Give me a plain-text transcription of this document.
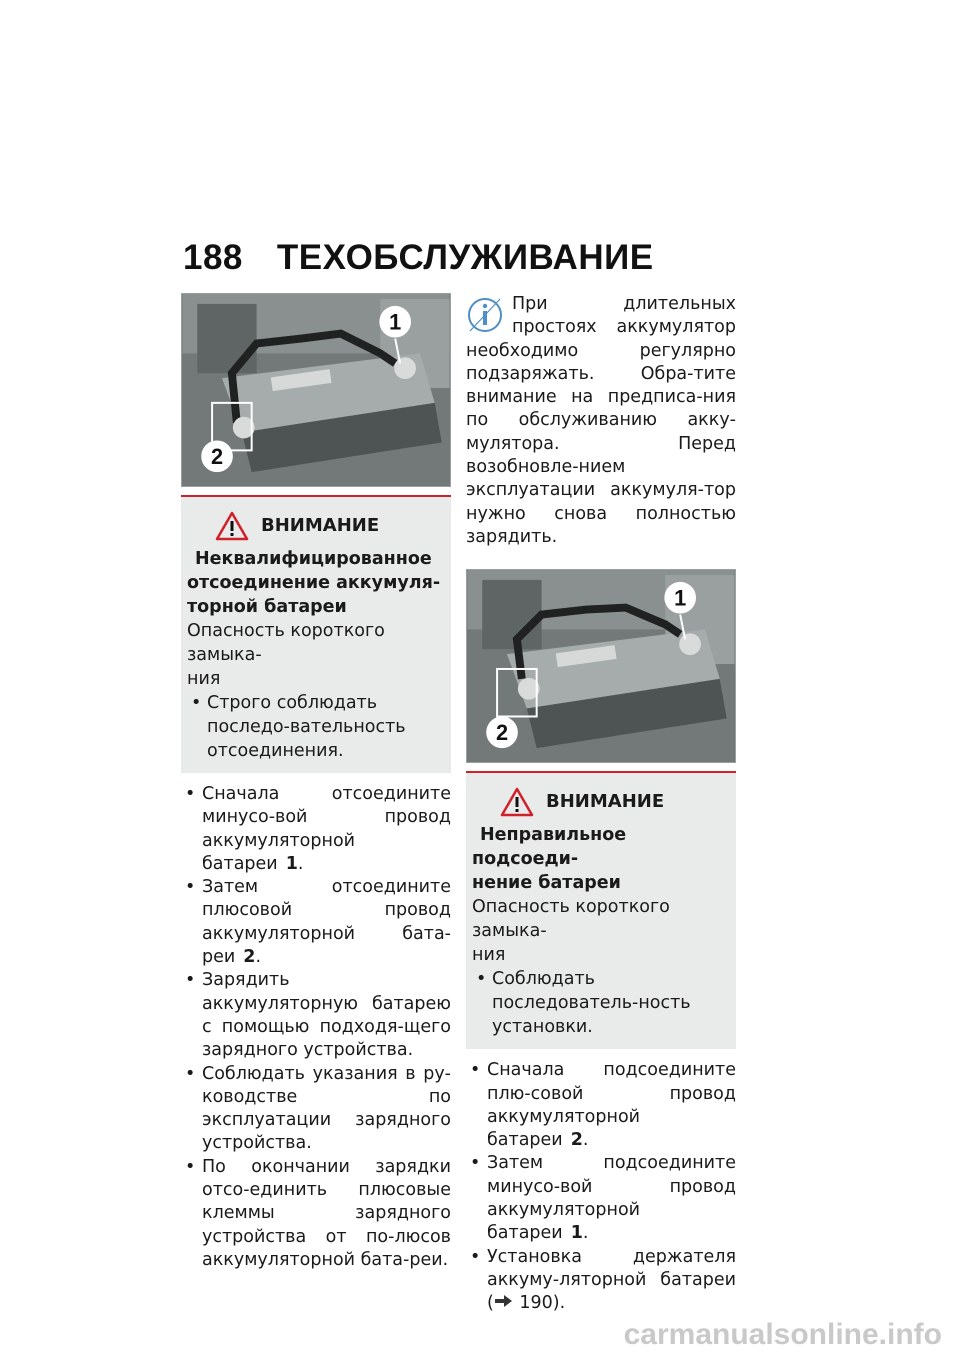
188 ТЕХОБСЛУЖИВАНИЕ
1
2
ВНИМАНИЕ

Неквалифицированное
отсоединение аккумуля-
торной батареи

Опасность короткого замыка-
ния

• Строго соблюдать последо-вательность отсоединения.

• Сначала отсоедините минусо-вой провод аккумуляторной батареи 1.
• Затем отсоедините плюсовой провод аккумуляторной бата-реи 2.
• Зарядить аккумуляторную батарею с помощью подходя-щего зарядного устройства.
• Соблюдать указания в ру-ководстве по эксплуатации зарядного устройства.
• По окончании зарядки отсо-единить плюсовые клеммы зарядного устройства от по-люсов аккумуляторной бата-реи.

При длительных простоях аккумулятор необходимо регулярно подзаряжать. Обра-тите внимание на предписа-ния по обслуживанию акку-мулятора. Перед возобновле-нием эксплуатации аккумуля-тор нужно снова полностью зарядить.

1
2
ВНИМАНИЕ

Неправильное подсоеди-
нение батареи

Опасность короткого замыка-
ния

• Соблюдать последователь-ность установки.

• Сначала подсоедините плю-совой провод аккумуляторной батареи 2.
• Затем подсоедините минусо-вой провод аккумуляторной батареи 1.
• Установка держателя аккуму-ляторной батареи ( 190).
carmanualsonline.info
